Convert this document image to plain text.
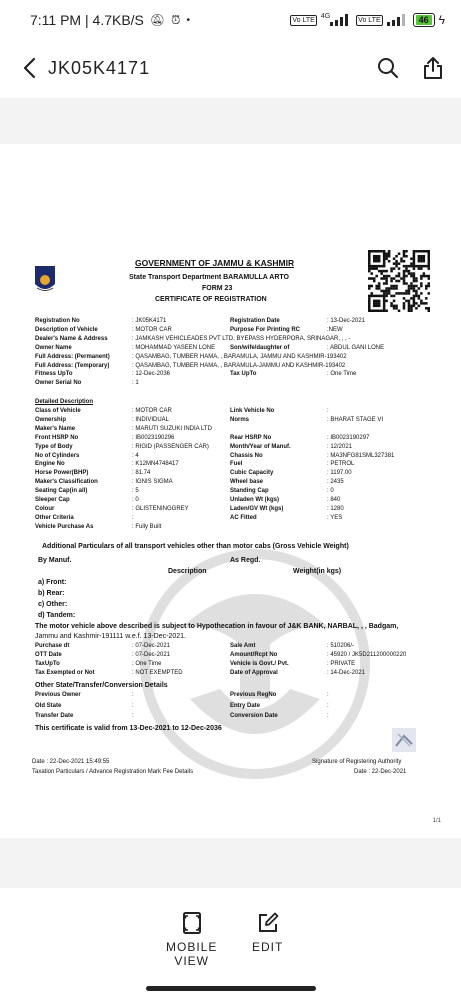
7:11 PM | 4.7KB/S 🔕︎ ⏰︎ •	Vo LTE 4G	Vo LTE	46 ϟ
JK05K4171
GOVERNMENT OF JAMMU & KASHMIR
State Transport Department BARAMULLA ARTO
FORM 23
CERTIFICATE OF REGISTRATION
Registration No	: JK05K4171	Registration Date	: 13-Dec-2021
Description of Vehicle	: MOTOR CAR	Purpose For Printing RC	:NEW
Dealer's Name & Address	: JAMKASH VEHICLEADES PVT LTD, BYEPASS HYDERPORA, SRINAGAR, , , -
Owner Name	: MOHAMMAD YASEEN LONE Son/wife/daughter of	: ABDUL GANI LONE
Full Address: (Permanent)	: QASAMBAG, TUMBER HAMA, , BARAMULA, JAMMU AND KASHMIR-193402
Full Address: (Temporary)	: QASAMBAG, TUMBER HAMA, , BARAMULA-JAMMU AND KASHMIR-193402
Fitness UpTo	: 12-Dec-2036	Tax UpTo	: One Time
Owner Serial No	: 1
Class of Vehicle	: MOTOR CAR	Link Vehicle No	:
Ownership	: INDIVIDUAL	Norms	: BHARAT STAGE VI
Maker's Name	: MARUTI SUZUKI INDIA LTD
Front HSRP No	: IB0023190296	Rear HSRP No	: IB0023190297
Type of Body	: RIGID (PASSENGER CAR)	Month/Year of Manuf.	: 12/2021
No of Cylinders	: 4	Chassis No	: MA3NFG81SML327381
Engine No	: K12MN4748417	Fuel	: PETROL
Horse Power(BHP)	: 81.74	Cubic Capacity	: 1197.00
Maker's Classification	: IGNIS SIGMA	Wheel base	: 2435
Seating Cap(in all)	: 5	Standing Cap	: 0
Sleeper Cap	: 0	Unladen Wt (kgs)	: 840
Colour	: GLISTENINGGREY	Laden/GV Wt (kgs)	: 1280
Other Criteria	:	AC Fitted	: YES
Vehicle Purchase As	: Fully Built
Purchase dt	: 07-Dec-2021	Sale Amt	: 510206/-
OTT Date	: 07-Dec-2021	Amount/Rcpt No	: 45920 / JK5D211200000220
TaxUpTo	: One Time	Vehicle is Govt./ Pvt.	: PRIVATE
Tax Exempted or Not	: NOT EXEMPTED	Date of Approval	: 14-Dec-2021
Previous Owner	:	Previous RegNo	:
Old State	:	Entry Date	:
Transfer Date	:	Conversion Date	:
Detailed Description
Additional Particulars of all transport vehicles other than motor cabs (Gross Vehicle Weight)
By Manuf.	As Regd.
Description	Weight(in kgs)
a) Front:
b) Rear:
c) Other:
d) Tandem:
The motor vehicle above described is subject to Hypothecation in favour of J&K BANK, NARBAL, , , Badgam,
Jammu and Kashmir-191111 w.e.f. 13-Dec-2021.
Other State/Transfer/Conversion Details
This certificate is valid from 13-Dec-2021 to 12-Dec-2036
Date : 22-Dec-2021 15:49:55
Taxation Particulars / Advance Registration Mark Fee Details
Signature of Registering Authority
Date : 22-Dec-2021
1/1
MOBILE
VIEW
EDIT
